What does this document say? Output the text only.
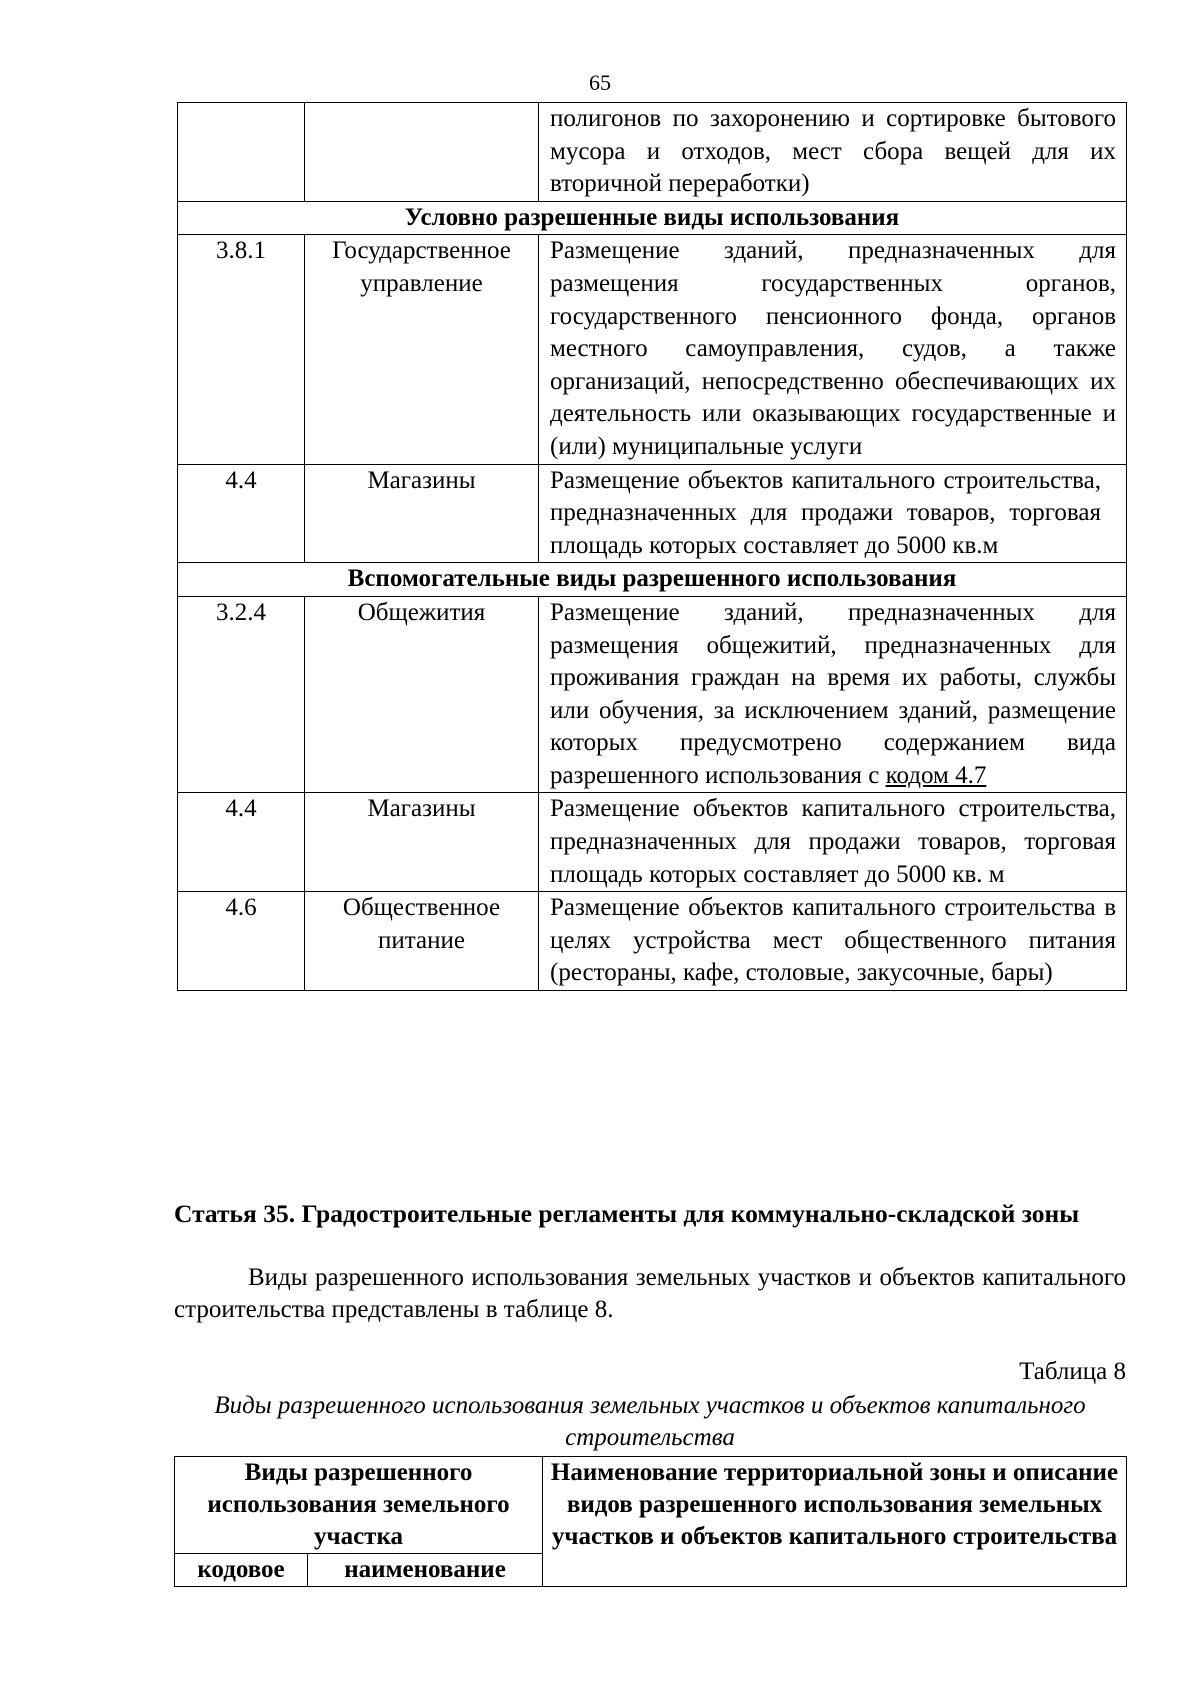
65
		полигонов по захоронению и сортировке бытового мусора и отходов, мест сбора вещей для их вторичной переработки)
Условно разрешенные виды использования		
3.8.1	Государственное управление	Размещение зданий, предназначенных для размещения государственных органов, государственного пенсионного фонда, органов местного самоуправления, судов, а также организаций, непосредственно обеспечивающих их деятельность или оказывающих государственные и (или) муниципальные услуги
4.4	Магазины	Размещение объектов капитального строительства, предназначенных для продажи товаров, торговая площадь которых составляет до 5000 кв.м
Вспомогательные виды разрешенного использования		
3.2.4	Общежития	Размещение зданий, предназначенных для размещения общежитий, предназначенных для проживания граждан на время их работы, службы или обучения, за исключением зданий, размещение которых предусмотрено содержанием вида разрешенного использования с кодом 4.7
4.4	Магазины	Размещение объектов капитального строительства, предназначенных для продажи товаров, торговая площадь которых составляет до 5000 кв. м
4.6	Общественное питание	Размещение объектов капитального строительства в целях устройства мест общественного питания (рестораны, кафе, столовые, закусочные, бары)

Статья 35. Градостроительные регламенты для коммунально-складской зоны

Виды разрешенного использования земельных участков и объектов капитального строительства представлены в таблице 8.

Таблица 8

Виды разрешенного использования земельных участков и объектов капитального строительства

Виды разрешенного использования земельного участка		Наименование территориальной зоны и описание видов разрешенного использования земельных участков и объектов капитального строительства
кодовое	наименование	
